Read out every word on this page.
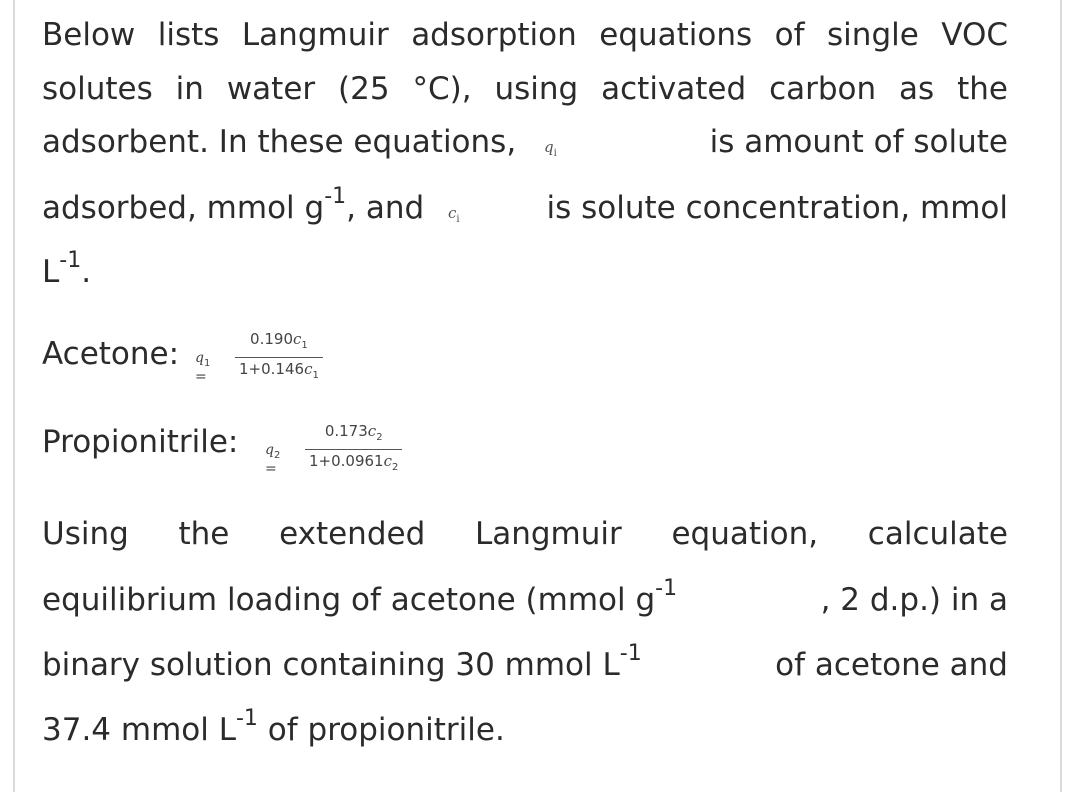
Below lists Langmuir adsorption equations of single VOC
solutes in water (25 °C), using activated carbon as the
adsorbent. In these equations, $q_i$	is amount of solute
adsorbed, mmol $g^{-1}$, and $c_i$	is solute concentration, mmol
$L^{-1}$.
Acetone: $q_1$ =
$0.190c_1$
$1+0.146c_1$
Propionitrile: $q_2$ =
$0.173c_2$
$1+0.0961c_2$
Using the extended Langmuir equation, calculate
equilibrium loading of acetone (mmol $g^{-1}$	, 2 d.p.) in a
binary solution containing 30 mmol $L^{-1}$	of acetone and
37.4 mmol $L^{-1}$ of propionitrile.
